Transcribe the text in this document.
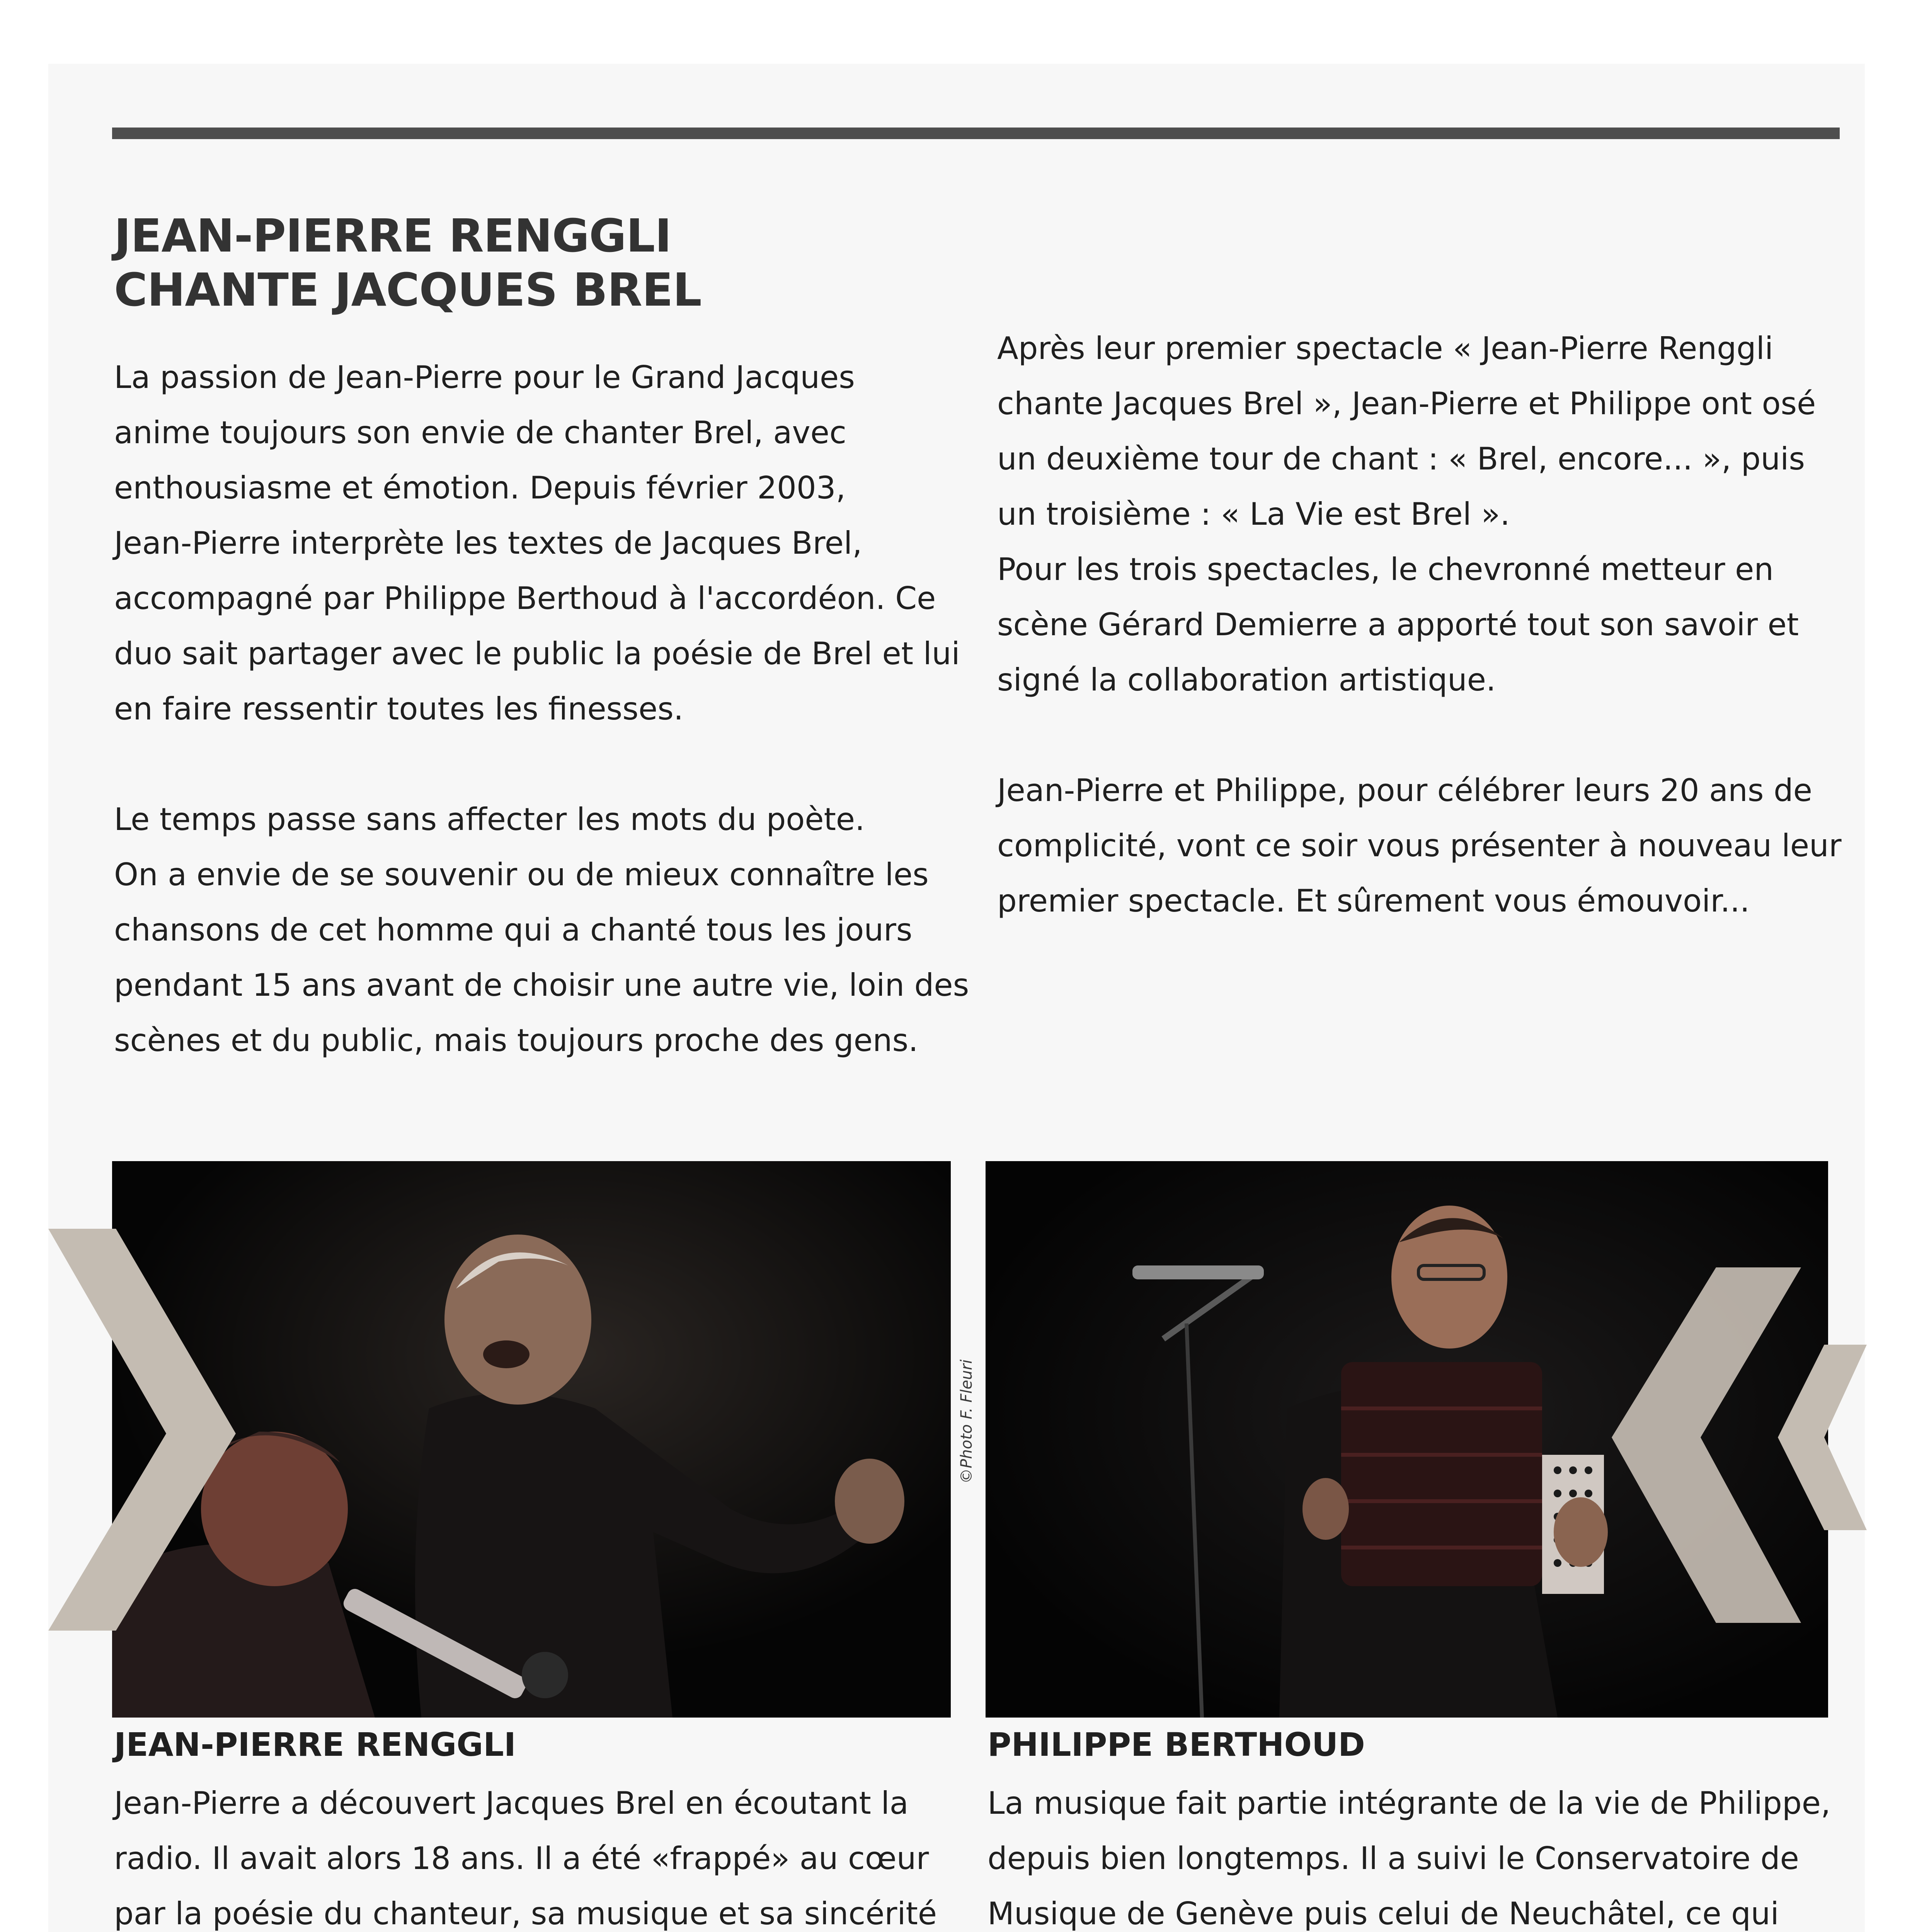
JEAN-PIERRE RENGGLI
CHANTE JACQUES BREL

La passion de Jean-Pierre pour le Grand Jacques
anime toujours son envie de chanter Brel, avec
enthousiasme et émotion. Depuis février 2003,
Jean-Pierre interprète les textes de Jacques Brel,
accompagné par Philippe Berthoud à l'accordéon. Ce
duo sait partager avec le public la poésie de Brel et lui
en faire ressentir toutes les finesses.

Le temps passe sans affecter les mots du poète.
On a envie de se souvenir ou de mieux connaître les
chansons de cet homme qui a chanté tous les jours
pendant 15 ans avant de choisir une autre vie, loin des
scènes et du public, mais toujours proche des gens.

Après leur premier spectacle « Jean-Pierre Renggli
chante Jacques Brel », Jean-Pierre et Philippe ont osé
un deuxième tour de chant : « Brel, encore... », puis
un troisième : « La Vie est Brel ».
Pour les trois spectacles, le chevronné metteur en
scène Gérard Demierre a apporté tout son savoir et
signé la collaboration artistique.

Jean-Pierre et Philippe, pour célébrer leurs 20 ans de
complicité, vont ce soir vous présenter à nouveau leur
premier spectacle. Et sûrement vous émouvoir...

©Photo F. Fleuri
JEAN-PIERRE RENGGLI

Jean-Pierre a découvert Jacques Brel en écoutant la
radio. Il avait alors 18 ans. Il a été «frappé» au cœur
par la poésie du chanteur, sa musique et sa sincérité

PHILIPPE BERTHOUD

La musique fait partie intégrante de la vie de Philippe,
depuis bien longtemps. Il a suivi le Conservatoire de
Musique de Genève puis celui de Neuchâtel, ce qui
